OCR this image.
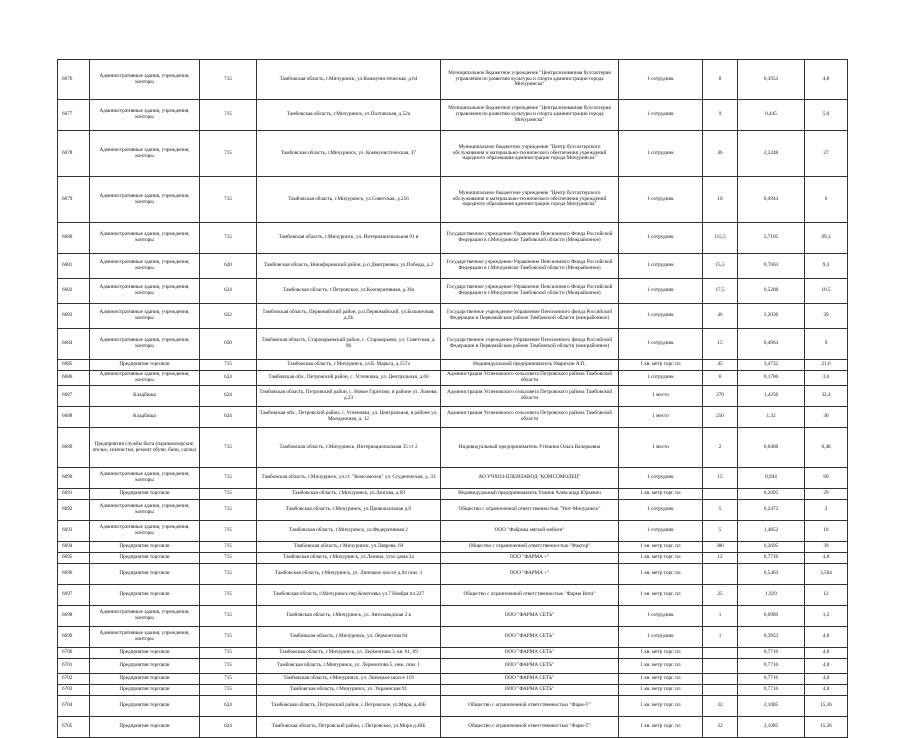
6676	Административные здания, учреждения, конторы	715	Тамбовская область, г.Мичуринск, ул.Коммунистическая, д.64	Муниципальное бюджетное учреждение "Централизованная бухгалтерия управления по развитию культуры и спорта администрации города Мичуринска"	1 сотрудник	8	0,3953	4,8
6677	Административные здания, учреждения, конторы	715	Тамбовская область, г.Мичуринск, ул.Полтавская, д.52а	Муниципальное бюджетное учреждение "Централизованная бухгалтерия управления по развитию культуры и спорта администрации города Мичуринска"	1 сотрудник	9	0,445	5,0
6678	Административные здания, учреждения, конторы	715	Тамбовская область, г.Мичуринск, ул. Коммунистическая, 47	Муниципальное бюджетное учреждение "Центр бухгалтерского обслуживания и материально-технического обеспечения учреждений народного образования администрации города Мичуринска"	1 сотрудник	46	2,2248	27
6679	Административные здания, учреждения, конторы	715	Тамбовская область, г.Мичуринск, ул.Советская, д.256	Муниципальное бюджетное учреждение "Центр бухгалтерского обслуживания и материально-технического обеспечения учреждений народного образования администрации города Мичуринска"	1 сотрудник	10	0,4944	6
6680	Административные здания, учреждения, конторы	715	Тамбовская область, г.Мичуринск, ул. Интернациональная 91 в	Государственное учреждение-Управление Пенсионного Фонда Российской Федерации в г.Мичуринске Тамбовской области (Межрайонное)	1 сотрудник	115,5	5,7105	69,3
6681	Административные здания, учреждения, конторы	620	Тамбовская область, Никифоровский район, р.п.Дмитриевка, ул.Победы, д.2	Государственное учреждение-Управление Пенсионного Фонда Российской Федерации в г.Мичуринске Тамбовской области (Межрайонное)	1 сотрудник	15,5	0,7663	9,3
6682	Административные здания, учреждения, конторы	624	Тамбовская область, г.Петровское, ул.Кооперативная, д.39а	Государственное учреждение-Управление Пенсионного Фонда Российской Федерации в г.Мичуринске Тамбовской области (Межрайонное)	1 сотрудник	17,5	0,5208	10,5
6683	Административные здания, учреждения, конторы	622	Тамбовская область, Первомайский район, р.п.Первомайский, ул.Больничная, д.2Б	Государственное учреждение-Управление Пенсионного фонда Российской Федерации в Первомайском районе Тамбовской области (межрайонное)	1 сотрудник	46	2,2036	39
6684	Административные здания, учреждения, конторы	650	Тамбовская область, Староюрьевский район, с. Староюрьево, ул. Советская, д. 96	Государственное учреждение-Управление Пенсионного фонда Российской Федерации в Первомайском районе Тамбовской области (межрайонное)	1 сотрудник	15	0,4964	9
6685	Предприятия торговли	715	Тамбовская область, г.Мичуринск, ул.Б. Маркса, д.157а	Индивидуальный предприниматель Уварихин А.П.	1 кв. метр торг. пл	45	3,4732	21,6
6686	Административные здания, учреждения, конторы	624	Тамбовская обл., Петровский район, с. Успеновка, ул. Центральная, д.60	Администрация Успеновского сельсовета Петровского района Тамбовской области	1 сотрудник	6	0,1786	3,6
6687	Кладбища	624	Тамбовская область, Петровский район, с. Новое Гаритово, в районе ул. Ложева, д.23	Администрация Успеновского сельсовета Петровского района Тамбовской области	1 место	270	1,4256	32,4
6688	Кладбища	624	Тамбовская обл., Петровский район, с. Успеновка, ул. Центральная, в районе ул. Молодежная, д. 12	Администрация Успеновского сельсовета Петровского района Тамбовской области	1 место	250	1,32	30
6689	Предприятия службы быта (парикмахерские, ателье, химчистки, ремонт обуви, бани, сауны)	715	Тамбовская область, г.Мичуринск, Интернациональная 35 ст 2	Индивидуальный предприниматель Утешина Ольга Валерьевна	1 место	2	0,0468	0,48
6690	Административные здания, учреждения, конторы	715	Тамбовская область, г.Мичуринск, ул.ст. "Комсомолец" ул. Студенческая, д. 33	АО УЧХОЗ-ПЛЕМЗАВОД "КОМСОМОЛЕЦ"	1 сотрудник	15	0,944	60
6691	Предприятия торговли	715	Тамбовская область, г.Мичуринск, ул.Лязгова, д.69	Индивидуальный предприниматель Уханов Александр Юрьевич	1 кв. метр торг. пл		6,2005	29
6692	Административные здания, учреждения, конторы	715	Тамбовская область, г.Мичуринск, ул.Привокзальная д.8	Общество с ограниченной ответственностью "Уют-Мичуринск"	1 сотрудник	5	0,2472	3
6693	Административные здания, учреждения, конторы	715	Тамбовская область, г.Мичуринск, ул.Федеративная 2	ООО "Фабрика мягкой мебели"	1 сотрудник	5	1,4852	18
6694	Предприятия торговли	715	Тамбовская область, г.Мичуринск, ул.Лаврова, 69	Общество с ограниченной ответственностью "Фактор"	1 кв. метр торг. пл	380	6,2695	39
6695	Предприятия торговли	715	Тамбовская область, г.Мичуринск, ул.Ленина, угол дома 2а	ООО "ФАРМА +"	1 кв. метр торг. пл	12	0,7716	4,8
6696	Предприятия торговли	715	Тамбовская область, г.Мичуринск, ул. Липецкое шоссе д.94 пом. 3	ООО "ФАРМА +"	1 кв. метр торг. пл		0,5463	3,504
6697	Предприятия торговли	715	Тамбовская область, г.Мичуринск пер.Кочетовка ул.7 Ноября пл.227	Общество с ограниченной ответственностью "Фарма Вита"	1 кв. метр торг. пл	25	1,929	12
6698	Административные здания, учреждения, конторы	715	Тамбовская область, г.Мичуринск, ул. Автозаводская 2 в	ООО "ФАРМА СЕТЬ"	1 сотрудник	1	0,0989	1,2
6699	Административные здания, учреждения, конторы	715	Тамбовская область, г.Мичуринск, ул. Лермонтова 84	ООО "ФАРМА СЕТЬ"	1 сотрудник	1	0,3953	4,8
6700	Предприятия торговли	715	Тамбовская область, г.Мичуринск, ул. Лермонтова 3, кв. 61, 69	ООО "ФАРМА СЕТЬ"	1 кв. метр торг. пл		0,7716	4,8
6701	Предприятия торговли	715	Тамбовская область, г.Мичуринск, ул. Лермонтова 5, неж. пом. 1	ООО "ФАРМА СЕТЬ"	1 кв. метр торг. пл		0,7716	4,8
6702	Предприятия торговли	715	Тамбовская область, г.Мичуринск, ул. Липецкое шоссе 119	ООО "ФАРМА СЕТЬ"	1 кв. метр торг. пл		0,7716	4,8
6703	Предприятия торговли	715	Тамбовская область, г.Мичуринск, ул. Украинская 91	ООО "ФАРМА СЕТЬ"	1 кв. метр торг. пл		0,7716	4,8
6704	Предприятия торговли	624	Тамбовская область, Петровский район, с.Петровское, ул.Мира, д.46Б	Общество с ограниченной ответственностью "Фарм-Т"	1 кв. метр торг. пл	32	2,1085	15,36
6705	Предприятия торговли	624	Тамбовская область, Петровский район, с.Петровское, ул.Мира д.46Б	Общество с ограниченной ответственностью "Фарм-Т"	1 кв. метр торг. пл	32	2,1085	15,36
